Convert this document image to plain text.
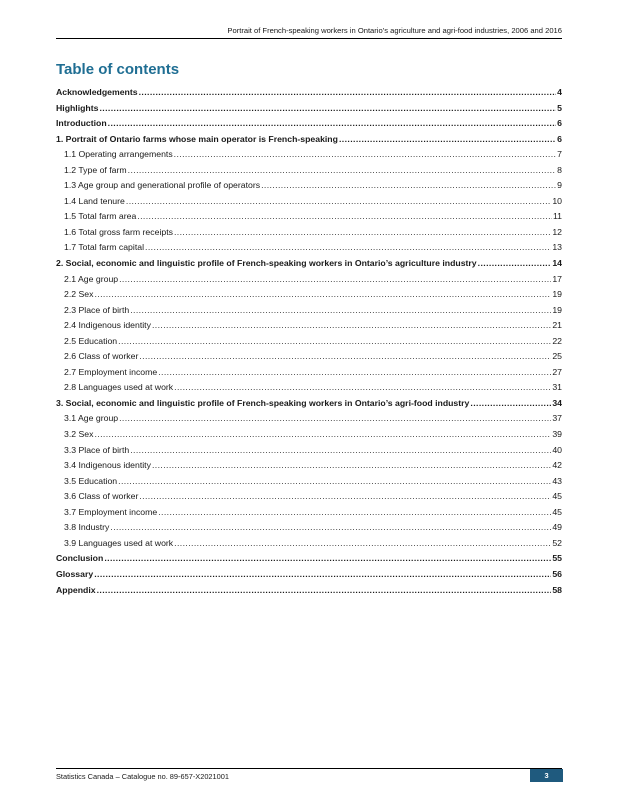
Portrait of French-speaking workers in Ontario’s agriculture and agri-food industries, 2006 and 2016
Table of contents
Acknowledgements .....	4
Highlights .....	5
Introduction .....	6
1. Portrait of Ontario farms whose main operator is French-speaking .....	6
1.1 Operating arrangements .....	7
1.2 Type of farm .....	8
1.3 Age group and generational profile of operators .....	9
1.4 Land tenure .....	10
1.5 Total farm area .....	11
1.6 Total gross farm receipts .....	12
1.7 Total farm capital .....	13
2. Social, economic and linguistic profile of French-speaking workers in Ontario’s agriculture industry .....	14
2.1 Age group .....	17
2.2 Sex .....	19
2.3 Place of birth .....	19
2.4 Indigenous identity .....	21
2.5 Education .....	22
2.6 Class of worker .....	25
2.7 Employment income .....	27
2.8 Languages used at work .....	31
3. Social, economic and linguistic profile of French-speaking workers in Ontario’s agri-food industry .....	34
3.1 Age group .....	37
3.2 Sex .....	39
3.3 Place of birth .....	40
3.4 Indigenous identity .....	42
3.5 Education .....	43
3.6 Class of worker .....	45
3.7 Employment income .....	45
3.8 Industry .....	49
3.9 Languages used at work .....	52
Conclusion .....	55
Glossary .....	56
Appendix .....	58
Statistics Canada – Catalogue no. 89-657-X2021001	3
